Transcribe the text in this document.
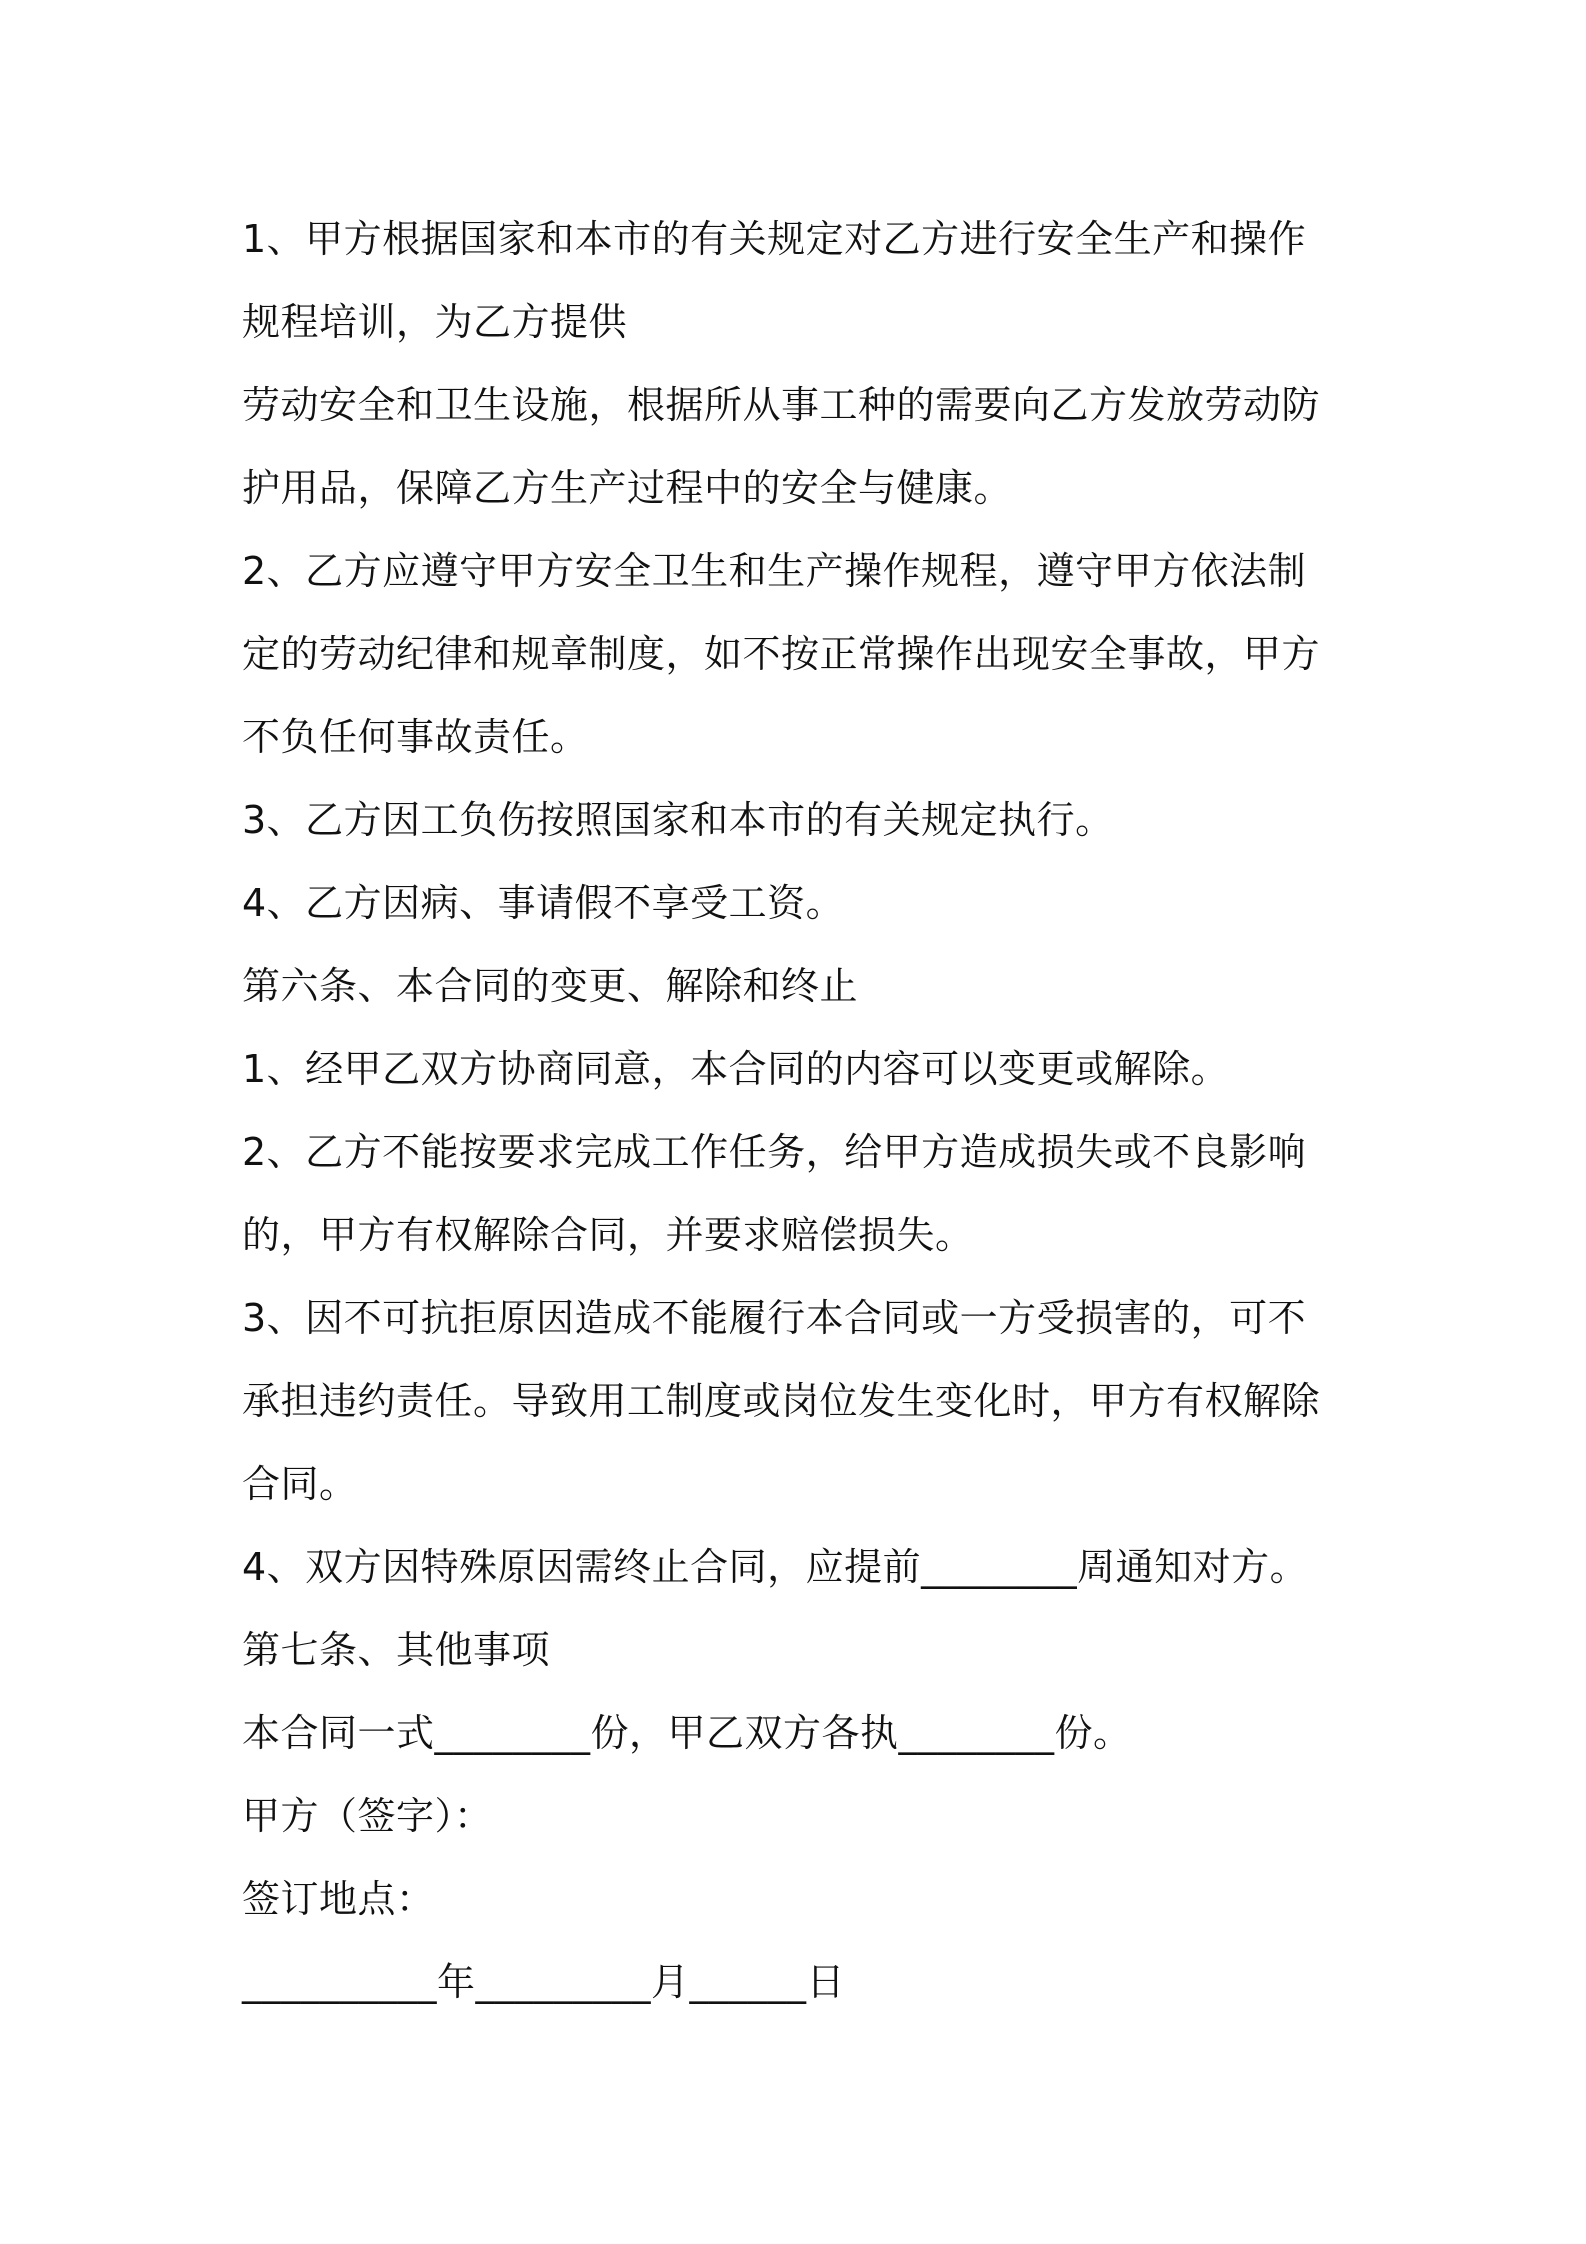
1、甲方根据国家和本市的有关规定对乙方进行安全生产和操作
规程培训，为乙方提供
劳动安全和卫生设施，根据所从事工种的需要向乙方发放劳动防
护用品，保障乙方生产过程中的安全与健康。
2、乙方应遵守甲方安全卫生和生产操作规程，遵守甲方依法制
定的劳动纪律和规章制度，如不按正常操作出现安全事故，甲方
不负任何事故责任。
3、乙方因工负伤按照国家和本市的有关规定执行。
4、乙方因病、事请假不享受工资。
第六条、本合同的变更、解除和终止
1、经甲乙双方协商同意，本合同的内容可以变更或解除。
2、乙方不能按要求完成工作任务，给甲方造成损失或不良影响
的，甲方有权解除合同，并要求赔偿损失。
3、因不可抗拒原因造成不能履行本合同或一方受损害的，可不
承担违约责任。导致用工制度或岗位发生变化时，甲方有权解除
合同。
4、双方因特殊原因需终止合同，应提前________周通知对方。
第七条、其他事项
本合同一式________份，甲乙双方各执________份。
甲方（签字）：
签订地点：
__________年_________月______日
